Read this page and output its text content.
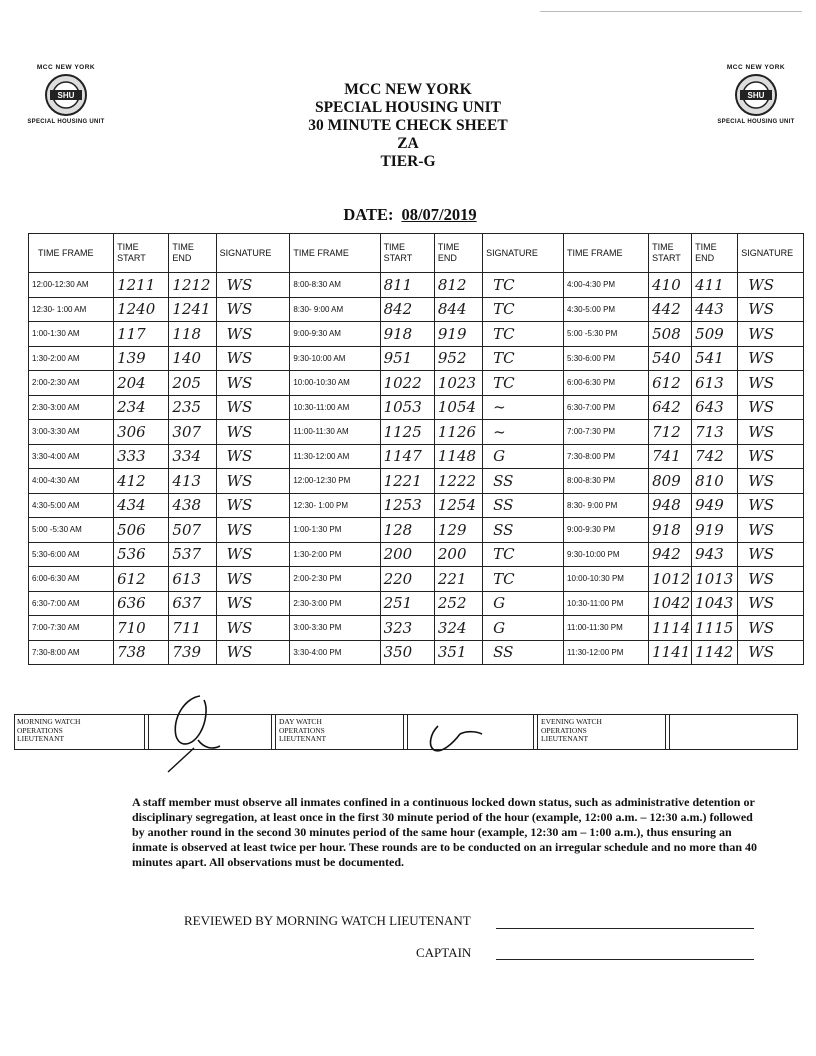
MCC NEW YORK
SHU
SPECIAL HOUSING UNIT
MCC NEW YORK
SHU
SPECIAL HOUSING UNIT
MCC NEW YORK
SPECIAL HOUSING UNIT
30 MINUTE CHECK SHEET
ZA
TIER-G
DATE: 08/07/2019
TIME FRAME	TIME START	TIME END	SIGNATURE	TIME FRAME	TIME START	TIME END	SIGNATURE	TIME FRAME	TIME START	TIME END	SIGNATURE
12:00-12:30 AM	1211	1212	WS	8:00-8:30 AM	811	812	TC	4:00-4:30 PM	410	411	WS
12:30- 1:00 AM	1240	1241	WS	8:30- 9:00 AM	842	844	TC	4:30-5:00 PM	442	443	WS
1:00-1:30 AM	117	118	WS	9:00-9:30 AM	918	919	TC	5:00 -5:30 PM	508	509	WS
1:30-2:00 AM	139	140	WS	9:30-10:00 AM	951	952	TC	5:30-6:00 PM	540	541	WS
2:00-2:30 AM	204	205	WS	10:00-10:30 AM	1022	1023	TC	6:00-6:30 PM	612	613	WS
2:30-3:00 AM	234	235	WS	10:30-11:00 AM	1053	1054	~	6:30-7:00 PM	642	643	WS
3:00-3:30 AM	306	307	WS	11:00-11:30 AM	1125	1126	~	7:00-7:30 PM	712	713	WS
3:30-4:00 AM	333	334	WS	11:30-12:00 AM	1147	1148	G	7:30-8:00 PM	741	742	WS
4:00-4:30 AM	412	413	WS	12:00-12:30 PM	1221	1222	SS	8:00-8:30 PM	809	810	WS
4:30-5:00 AM	434	438	WS	12:30- 1:00 PM	1253	1254	SS	8:30- 9:00 PM	948	949	WS
5:00 -5:30 AM	506	507	WS	1:00-1:30 PM	128	129	SS	9:00-9:30 PM	918	919	WS
5:30-6:00 AM	536	537	WS	1:30-2:00 PM	200	200	TC	9:30-10:00 PM	942	943	WS
6:00-6:30 AM	612	613	WS	2:00-2:30 PM	220	221	TC	10:00-10:30 PM	1012	1013	WS
6:30-7:00 AM	636	637	WS	2:30-3:00 PM	251	252	G	10:30-11:00 PM	1042	1043	WS
7:00-7:30 AM	710	711	WS	3:00-3:30 PM	323	324	G	11:00-11:30 PM	1114	1115	WS
7:30-8:00 AM	738	739	WS	3:30-4:00 PM	350	351	SS	11:30-12:00 PM	1141	1142	WS
MORNING WATCH
OPERATIONS
LIEUTENANT
DAY WATCH
OPERATIONS
LIEUTENANT
EVENING WATCH
OPERATIONS
LIEUTENANT
A staff member must observe all inmates confined in a continuous locked down status, such as administrative detention or disciplinary segregation, at least once in the first 30 minute period of the hour (example, 12:00 a.m. – 12:30 a.m.) followed by another round in the second 30 minutes period of the same hour (example, 12:30 am – 1:00 a.m.), thus ensuring an inmate is observed at least twice per hour. These rounds are to be conducted on an irregular schedule and no more than 40 minutes apart. All observations must be documented.
REVIEWED BY MORNING WATCH LIEUTENANT
CAPTAIN
